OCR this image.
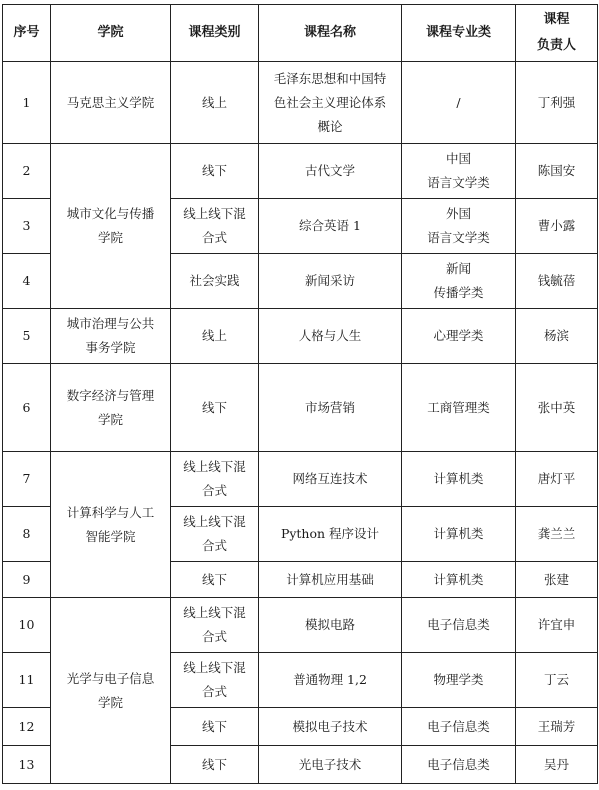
序号	学院	课程类别	课程名称	课程专业类	课程
负责人
1	马克思主义学院	线上	毛泽东思想和中国特
色社会主义理论体系
概论	/	丁利强
2	城市文化与传播
学院	线下	古代文学	中国
语言文学类	陈国安
3		线上线下混
合式	综合英语 1	外国
语言文学类	曹小露
4		社会实践	新闻采访	新闻
传播学类	钱毓蓓
5	城市治理与公共
事务学院	线上	人格与人生	心理学类	杨滨
6	数字经济与管理
学院	线下	市场营销	工商管理类	张中英
7	计算科学与人工
智能学院	线上线下混
合式	网络互连技术	计算机类	唐灯平
8		线上线下混
合式	Python 程序设计	计算机类	龚兰兰
9		线下	计算机应用基础	计算机类	张建
10	光学与电子信息
学院	线上线下混
合式	模拟电路	电子信息类	许宜申
11		线上线下混
合式	普通物理 1,2	物理学类	丁云
12		线下	模拟电子技术	电子信息类	王瑞芳
13		线下	光电子技术	电子信息类	吴丹
